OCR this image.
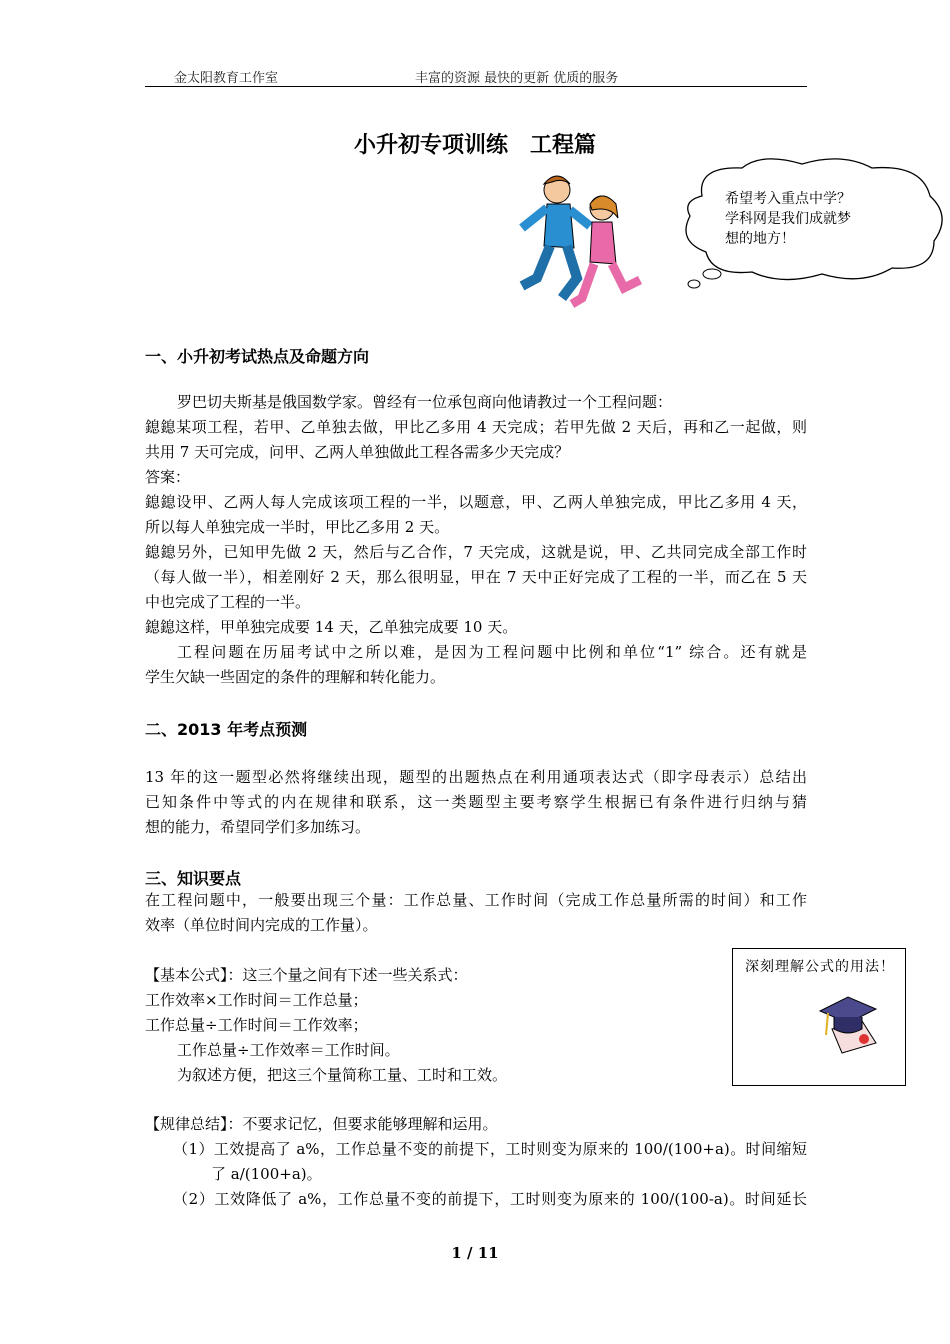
金太阳教育工作室	丰富的资源 最快的更新 优质的服务
小升初专项训练　工程篇
希望考入重点中学？
学科网是我们成就梦
想的地方！
一、小升初考试热点及命题方向
罗巴切夫斯基是俄国数学家。曾经有一位承包商向他请教过一个工程问题：
鎴鎴某项工程，若甲、乙单独去做，甲比乙多用 4 天完成；若甲先做 2 天后，再和乙一起做，则
共用 7 天可完成，问甲、乙两人单独做此工程各需多少天完成？
答案：
鎴鎴设甲、乙两人每人完成该项工程的一半，以题意，甲、乙两人单独完成，甲比乙多用 4 天，
所以每人单独完成一半时，甲比乙多用 2 天。
鎴鎴另外，已知甲先做 2 天，然后与乙合作，7 天完成，这就是说，甲、乙共同完成全部工作时
（每人做一半），相差刚好 2 天，那么很明显，甲在 7 天中正好完成了工程的一半，而乙在 5 天
中也完成了工程的一半。
鎴鎴这样，甲单独完成要 14 天，乙单独完成要 10 天。
工程问题在历届考试中之所以难，是因为工程问题中比例和单位“1” 综合。还有就是
学生欠缺一些固定的条件的理解和转化能力。
二、2013 年考点预测
13 年的这一题型必然将继续出现，题型的出题热点在利用通项表达式（即字母表示）总结出
已知条件中等式的内在规律和联系，这一类题型主要考察学生根据已有条件进行归纳与猜
想的能力，希望同学们多加练习。
三、知识要点
在工程问题中，一般要出现三个量：工作总量、工作时间（完成工作总量所需的时间）和工作
效率（单位时间内完成的工作量）。
【基本公式】：这三个量之间有下述一些关系式：
工作效率×工作时间＝工作总量；
工作总量÷工作时间＝工作效率；
工作总量÷工作效率＝工作时间。
为叙述方便，把这三个量简称工量、工时和工效。
深刻理解公式的用法！
【规律总结】：不要求记忆，但要求能够理解和运用。
（1）工效提高了 a%，工作总量不变的前提下，工时则变为原来的 100/(100+a)。时间缩短
了 a/(100+a)。
（2）工效降低了 a%，工作总量不变的前提下，工时则变为原来的 100/(100-a)。时间延长
1 / 11
